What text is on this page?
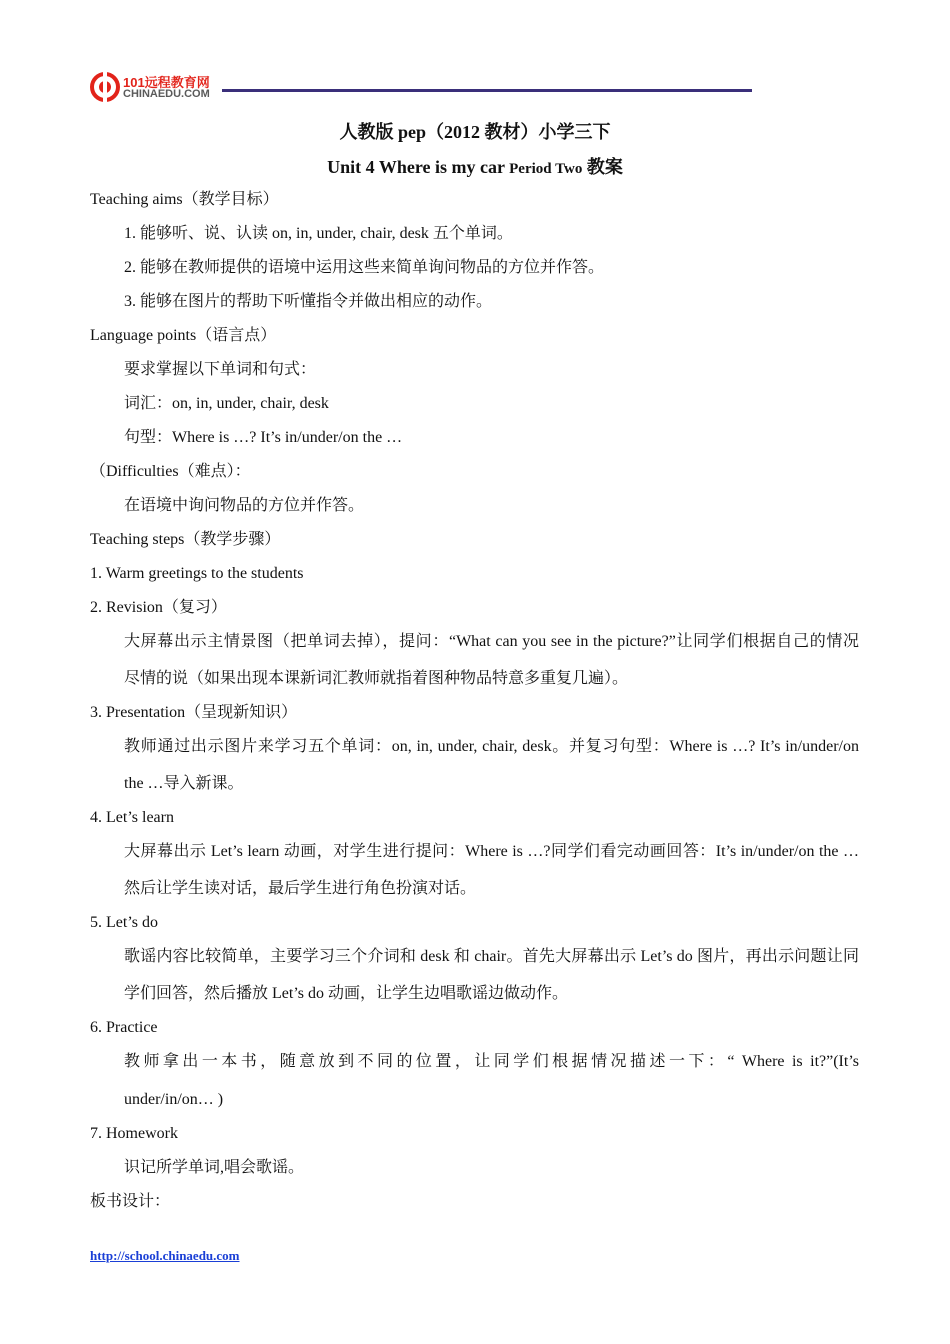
101远程教育网
CHINAEDU.COM
人教版 pep（2012 教材）小学三下
Unit 4 Where is my car Period Two 教案
Teaching aims（教学目标）
1. 能够听、说、认读 on, in, under, chair, desk 五个单词。
2. 能够在教师提供的语境中运用这些来简单询问物品的方位并作答。
3. 能够在图片的帮助下听懂指令并做出相应的动作。
Language points（语言点）
要求掌握以下单词和句式：
词汇：on, in, under, chair, desk
句型：Where is …? It’s in/under/on the …
（Difficulties（难点）：
在语境中询问物品的方位并作答。
Teaching steps（教学步骤）
1. Warm greetings to the students
2. Revision（复习）
大屏幕出示主情景图（把单词去掉），提问：“What can you see in the picture?”让同学们根据自己的情况
尽情的说（如果出现本课新词汇教师就指着图种物品特意多重复几遍）。
3. Presentation（呈现新知识）
教师通过出示图片来学习五个单词：on, in, under, chair, desk。并复习句型：Where is …? It’s in/under/on
the …导入新课。
4. Let’s learn
大屏幕出示 Let’s learn 动画，对学生进行提问：Where is …?同学们看完动画回答：It’s in/under/on the …
然后让学生读对话，最后学生进行角色扮演对话。
5. Let’s do
歌谣内容比较简单，主要学习三个介词和 desk 和 chair。首先大屏幕出示 Let’s do 图片，再出示问题让同
学们回答，然后播放 Let’s do 动画，让学生边唱歌谣边做动作。
6. Practice
教师拿出一本书，随意放到不同的位置，让同学们根据情况描述一下：“ Where is it?”(It’s
under/in/on… )
7. Homework
识记所学单词,唱会歌谣。
板书设计：
http://school.chinaedu.com
